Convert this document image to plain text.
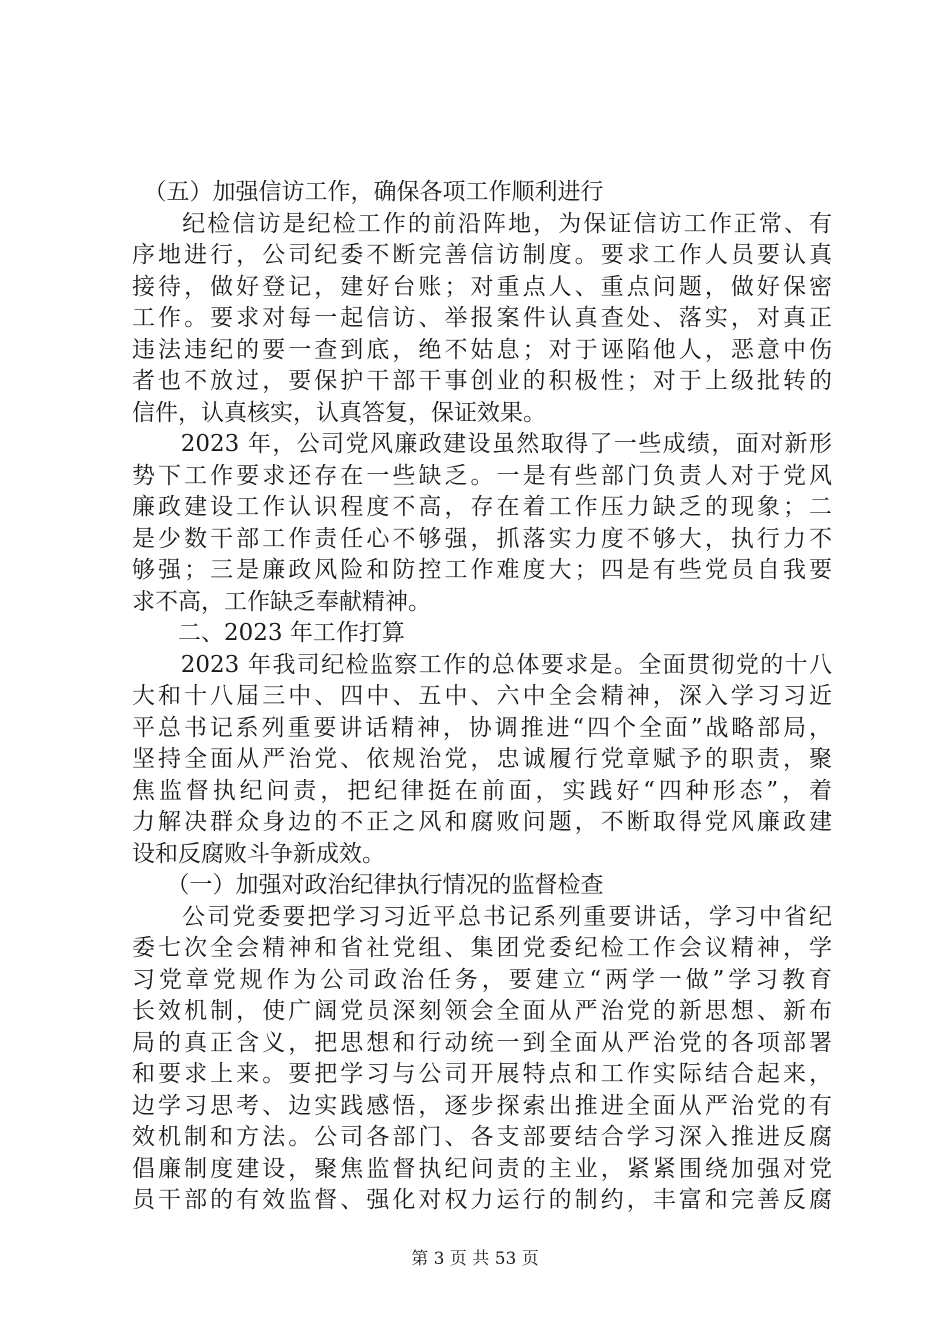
　（五）加强信访工作，确保各项工作顺利进行
　　纪检信访是纪检工作的前沿阵地，为保证信访工作正常、有
序地进行，公司纪委不断完善信访制度。要求工作人员要认真
接待，做好登记，建好台账；对重点人、重点问题，做好保密
工作。要求对每一起信访、举报案件认真查处、落实，对真正
违法违纪的要一查到底，绝不姑息；对于诬陷他人，恶意中伤
者也不放过，要保护干部干事创业的积极性；对于上级批转的
信件，认真核实，认真答复，保证效果。
　　2023 年，公司党风廉政建设虽然取得了一些成绩，面对新形
势下工作要求还存在一些缺乏。一是有些部门负责人对于党风
廉政建设工作认识程度不高，存在着工作压力缺乏的现象；二
是少数干部工作责任心不够强，抓落实力度不够大，执行力不
够强；三是廉政风险和防控工作难度大；四是有些党员自我要
求不高，工作缺乏奉献精神。
　　二、2023 年工作打算
　　2023 年我司纪检监察工作的总体要求是。全面贯彻党的十八
大和十八届三中、四中、五中、六中全会精神，深入学习习近
平总书记系列重要讲话精神，协调推进“四个全面”战略部局，
坚持全面从严治党、依规治党，忠诚履行党章赋予的职责，聚
焦监督执纪问责，把纪律挺在前面，实践好“四种形态”，着
力解决群众身边的不正之风和腐败问题，不断取得党风廉政建
设和反腐败斗争新成效。
　　（一）加强对政治纪律执行情况的监督检查
　　公司党委要把学习习近平总书记系列重要讲话，学习中省纪
委七次全会精神和省社党组、集团党委纪检工作会议精神，学
习党章党规作为公司政治任务，要建立“两学一做”学习教育
长效机制，使广阔党员深刻领会全面从严治党的新思想、新布
局的真正含义，把思想和行动统一到全面从严治党的各项部署
和要求上来。要把学习与公司开展特点和工作实际结合起来，
边学习思考、边实践感悟，逐步探索出推进全面从严治党的有
效机制和方法。公司各部门、各支部要结合学习深入推进反腐
倡廉制度建设，聚焦监督执纪问责的主业，紧紧围绕加强对党
员干部的有效监督、强化对权力运行的制约，丰富和完善反腐
第 3 页 共 53 页
